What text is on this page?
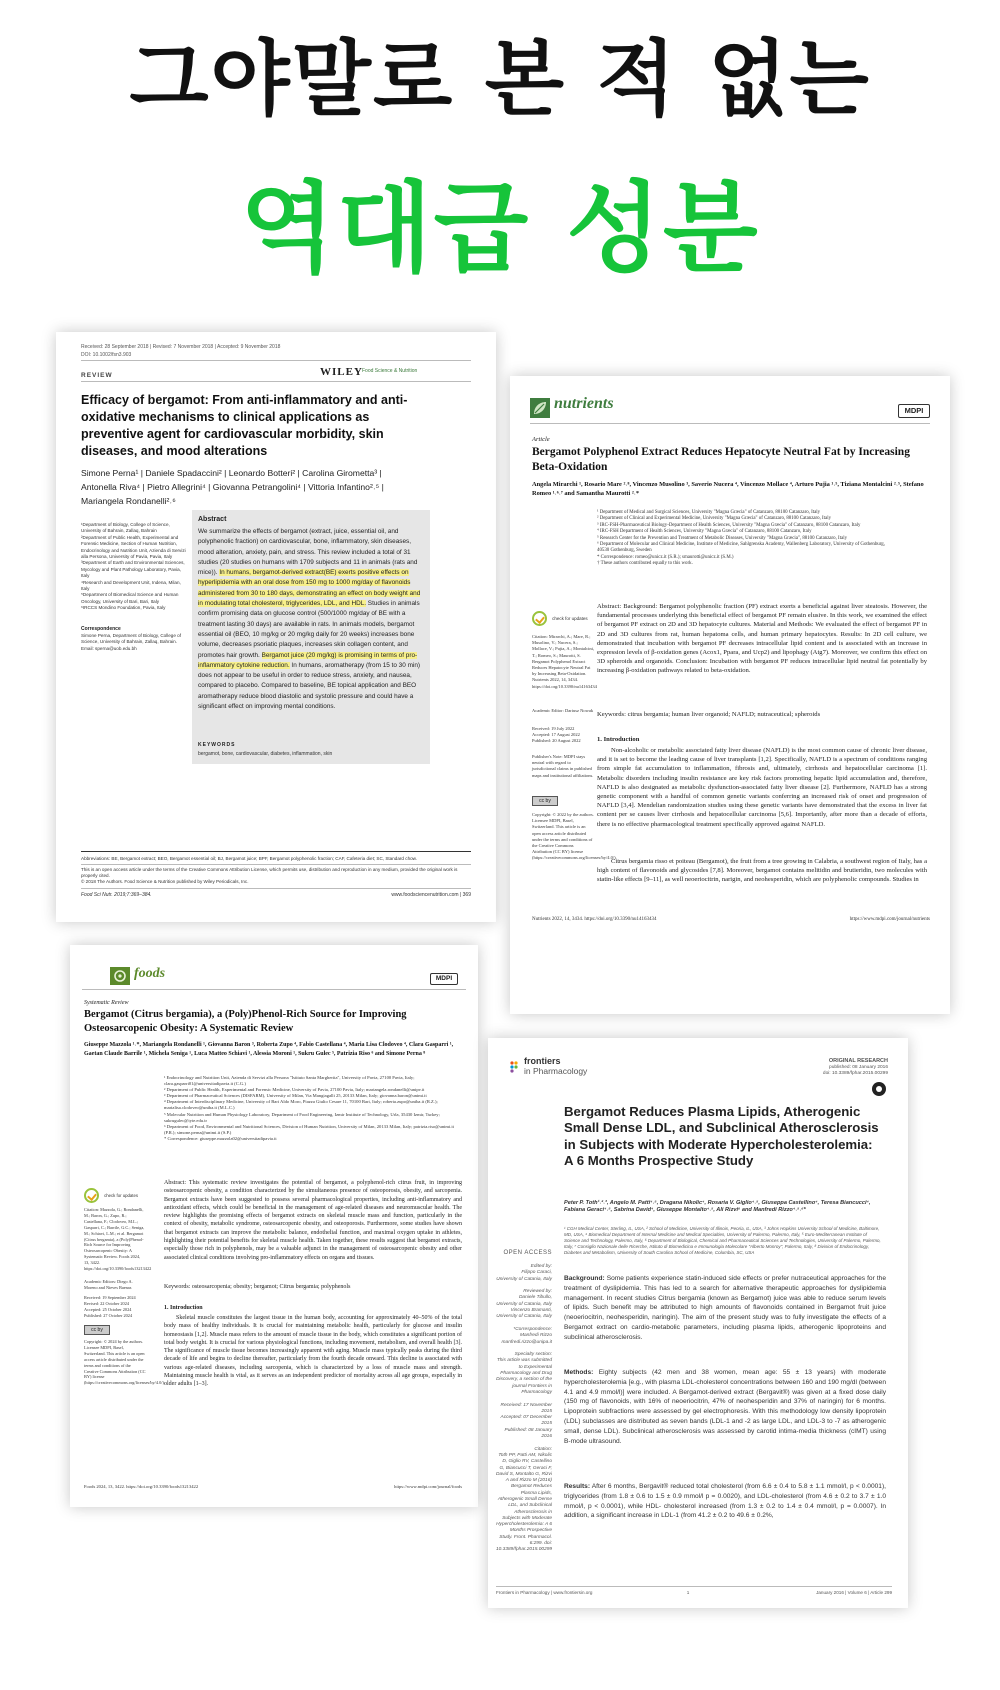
그야말로 본 적 없는
역대급 성분
Received: 28 September 2018 | Revised: 7 November 2018 | Accepted: 9 November 2018
DOI: 10.1002/fsn3.903
REVIEW	WILEY Food Science & Nutrition
Efficacy of bergamot: From anti-inflammatory and anti-oxidative mechanisms to clinical applications as preventive agent for cardiovascular morbidity, skin diseases, and mood alterations
Simone Perna¹ | Daniele Spadaccini² | Leonardo Botteri² | Carolina Girometta³ | Antonella Riva⁴ | Pietro Allegrini⁴ | Giovanna Petrangolini⁴ | Vittoria Infantino²˒⁵ | Mariangela Rondanelli²˒⁶
¹Department of Biology, College of Science, University of Bahrain, Zallaq, Bahrain
²Department of Public Health, Experimental and Forensic Medicine, Section of Human Nutrition, Endocrinology and Nutrition Unit, Azienda di Servizi alla Persona, University of Pavia, Pavia, Italy
³Department of Earth and Environmental Sciences, Mycology and Plant Pathology Laboratory, Pavia, Italy
⁴Research and Development Unit, Indena, Milan, Italy
⁵Department of Biomedical Science and Human Oncology, University of Bari, Bari, Italy
⁶IRCCS Mondino Foundation, Pavia, Italy
Correspondence
Simone Perna, Department of Biology, College of Science, University of Bahrain, Zallaq, Bahrain. Email: sperna@uob.edu.bh
Abstract
We summarize the effects of bergamot (extract, juice, essential oil, and polyphenolic fraction) on cardiovascular, bone, inflammatory, skin diseases, mood alteration, anxiety, pain, and stress. This review included a total of 31 studies (20 studies on humans with 1709 subjects and 11 in animals (rats and mice)). In humans, bergamot-derived extract(BE) exerts positive effects on hyperlipidemia with an oral dose from 150 mg to 1000 mg/day of flavonoids administered from 30 to 180 days, demonstrating an effect on body weight and in modulating total cholesterol, triglycerides, LDL, and HDL. Studies in animals confirm promising data on glucose control (500/1000 mg/day of BE with a treatment lasting 30 days) are available in rats. In animals models, bergamot essential oil (BEO, 10 mg/kg or 20 mg/kg daily for 20 weeks) increases bone volume, decreases psoriatic plaques, increases skin collagen content, and promotes hair growth. Bergamot juice (20 mg/kg) is promising in terms of pro-inflammatory cytokine reduction. In humans, aromatherapy (from 15 to 30 min) does not appear to be useful in order to reduce stress, anxiety, and nausea, compared to placebo. Compared to baseline, BE topical application and BEO aromatherapy reduce blood diastolic and systolic pressure and could have a significant effect on improving mental conditions.
KEYWORDS
bergamot, bone, cardiovascular, diabetes, inflammation, skin
Abbreviations: BE, Bergamot extract; BEO, Bergamot essential oil; BJ, Bergamot juice; BPF, Bergamot polyphenolic fraction; CAF, Cafeteria diet; SC, Standard chow.
This is an open access article under the terms of the Creative Commons Attribution License, which permits use, distribution and reproduction in any medium, provided the original work is properly cited.
© 2018 The Authors. Food Science & Nutrition published by Wiley Periodicals, Inc.
Food Sci Nutr. 2019;7:369–384.	www.foodsciencenutrition.com | 369
nutrients	MDPI
Article
Bergamot Polyphenol Extract Reduces Hepatocyte Neutral Fat by Increasing Beta-Oxidation
Angela Mirarchi ¹, Rosario Mare ²˒⁸, Vincenzo Musolino ³, Saverio Nucera ⁴, Vincenzo Mollace ⁴, Arturo Pujia ¹˒⁵, Tiziana Montalcini ²˒⁵, Stefano Romeo ¹˒⁶˒⁷ and Samantha Maurotti ²˒*
¹ Department of Medical and Surgical Sciences, University "Magna Græcia" of Catanzaro, 88100 Catanzaro, Italy
² Department of Clinical and Experimental Medicine, University "Magna Græcia" of Catanzaro, 88100 Catanzaro, Italy
³ IRC-FSH-Pharmaceutical Biology-Department of Health Sciences, University "Magna Græcia" of Catanzaro, 88100 Catanzaro, Italy
⁴ IRC-FSH Department of Health Sciences, University "Magna Græcia" of Catanzaro, 88100 Catanzaro, Italy
⁵ Research Center for the Prevention and Treatment of Metabolic Diseases, University "Magna Græcia", 88100 Catanzaro, Italy
⁶ Department of Molecular and Clinical Medicine, Institute of Medicine, Sahlgrenska Academy, Wallenberg Laboratory, University of Gothenburg, 40530 Gothenburg, Sweden
* Correspondence: romeo@unicz.it (S.R.); smaurotti@unicz.it (S.M.)
† These authors contributed equally to this work.
check for updates
Citation: Mirarchi, A.; Mare, R.; Musolino, V.; Nucera, S.; Mollace, V.; Pujia, A.; Montalcini, T.; Romeo, S.; Maurotti, S. Bergamot Polyphenol Extract Reduces Hepatocyte Neutral Fat by Increasing Beta-Oxidation. Nutrients 2022, 14, 3434. https://doi.org/10.3390/nu14163434
Academic Editor: Dariusz Nowak
Received: 19 July 2022
Accepted: 17 August 2022
Published: 20 August 2022
Publisher's Note: MDPI stays neutral with regard to jurisdictional claims in published maps and institutional affiliations.
cc by
Copyright: © 2022 by the authors. Licensee MDPI, Basel, Switzerland. This article is an open access article distributed under the terms and conditions of the Creative Commons Attribution (CC BY) license (https://creativecommons.org/licenses/by/4.0/).
Abstract: Background: Bergamot polyphenolic fraction (PF) extract exerts a beneficial against liver steatosis. However, the fundamental processes underlying this beneficial effect of bergamot PF remain elusive. In this work, we examined the effect of bergamot PF extract on 2D and 3D hepatocyte cultures. Material and Methods: We evaluated the effect of bergamot PF in 2D and 3D cultures from rat, human hepatoma cells, and human primary hepatocytes. Results: In 2D cell culture, we demonstrated that incubation with bergamot PF decreases intracellular lipid content and is associated with an increase in expression levels of β-oxidation genes (Acox1, Ppara, and Ucp2) and lipophagy (Atg7). Moreover, we confirm this effect on 3D spheroids and organoids. Conclusion: Incubation with bergamot PF reduces intracellular lipid neutral fat potentially by increasing β-oxidation pathways related to beta-oxidation.
Keywords: citrus bergamia; human liver organoid; NAFLD; nutraceutical; spheroids
1. Introduction
Non-alcoholic or metabolic associated fatty liver disease (NAFLD) is the most common cause of chronic liver disease, and it is set to become the leading cause of liver transplants [1,2]. Specifically, NAFLD is a spectrum of conditions ranging from simple fat accumulation to inflammation, fibrosis and, ultimately, cirrhosis and hepatocellular carcinoma [1]. Metabolic disorders including insulin resistance are key risk factors promoting hepatic lipid accumulation and, therefore, NAFLD is also designated as metabolic dysfunction-associated fatty liver disease [2]. Furthermore, NAFLD has a strong genetic component with a handful of common genetic variants conferring an increased risk of onset and progression of NAFLD [3,4]. Mendelian randomization studies using these genetic variants have demonstrated that the excess in liver fat content per se causes liver cirrhosis and hepatocellular carcinoma [5,6]. Importantly, after more than a decade of efforts, there is no effective pharmacological treatment specifically approved against NAFLD.
Citrus bergamia risso et poiteau (Bergamot), the fruit from a tree growing in Calabria, a southwest region of Italy, has a high content of flavonoids and glycosides [7,8]. Moreover, bergamot contains melitidin and brutieridin, two molecules with statin-like effects [9–11], as well neoeriocitrin, narigin, and neohesperidin, which are polyphenolic compounds. Studies in
Nutrients 2022, 14, 3434. https://doi.org/10.3390/nu14163434	https://www.mdpi.com/journal/nutrients
foods	MDPI
Systematic Review
Bergamot (Citrus bergamia), a (Poly)Phenol-Rich Source for Improving Osteosarcopenic Obesity: A Systematic Review
Giuseppe Mazzola ¹˒*, Mariangela Rondanelli ¹, Giovanna Baron ³, Roberta Zupo ⁴, Fabio Castellana ⁴, Maria Lisa Clodoveo ⁴, Clara Gasparri ¹, Gaetan Claude Barrile ¹, Michela Seniga ¹, Luca Matteo Schiavi ¹, Alessia Moroni ¹, Sukru Gulec ⁵, Patrizia Riso ⁶ and Simone Perna ⁸
¹ Endocrinology and Nutrition Unit, Azienda di Servizi alla Persona "Istituto Santa Margherita", University of Pavia, 27100 Pavia, Italy; clara.gasparri01@universitadipavia.it (C.G.)
² Department of Public Health, Experimental and Forensic Medicine, University of Pavia, 27100 Pavia, Italy; mariangela.rondanelli@unipv.it
³ Department of Pharmaceutical Sciences (DISFARM), University of Milan, Via Mangiagalli 25, 20133 Milan, Italy; giovanna.baron@unimi.it
⁴ Department of Interdisciplinary Medicine, University of Bari Aldo Moro, Piazza Giulio Cesare 11, 70100 Bari, Italy; roberta.zupo@uniba.it (R.Z.); marialisa.clodoveo@uniba.it (M.L.C.)
⁵ Molecular Nutrition and Human Physiology Laboratory, Department of Food Engineering, Izmir Institute of Technology, Urla, 35430 Izmir, Turkey; sukrugulec@iyte.edu.tr
⁶ Department of Food, Environmental and Nutritional Sciences, Division of Human Nutrition, University of Milan, 20133 Milan, Italy; patrizia.riso@unimi.it (P.R.); simone.perna@unimi.it (S.P.)
* Correspondence: giuseppe.mazzola02@universitadipavia.it
check for updates
Citation: Mazzola, G.; Rondanelli, M.; Baron, G.; Zupo, R.; Castellana, F.; Clodoveo, M.L.; Gasparri, C.; Barrile, G.C.; Seniga, M.; Schiavi, L.M.; et al. Bergamot (Citrus bergamia), a (Poly)Phenol-Rich Source for Improving Osteosarcopenic Obesity: A Systematic Review. Foods 2024, 13, 3422. https://doi.org/10.3390/foods13213422
Academic Editors: Diego A. Moreno and Nieves Baenas
Received: 19 September 2024
Revised: 22 October 2024
Accepted: 25 October 2024
Published: 27 October 2024
cc by
Copyright: © 2024 by the authors. Licensee MDPI, Basel, Switzerland. This article is an open access article distributed under the terms and conditions of the Creative Commons Attribution (CC BY) license (https://creativecommons.org/licenses/by/4.0/).
Abstract: This systematic review investigates the potential of bergamot, a polyphenol-rich citrus fruit, in improving osteosarcopenic obesity, a condition characterized by the simultaneous presence of osteoporosis, obesity, and sarcopenia. Bergamot extracts have been suggested to possess several pharmacological properties, including anti-inflammatory and antioxidant effects, which could be beneficial in the management of age-related diseases and neuromuscular health. The review highlights the promising effects of bergamot extracts on skeletal muscle mass and function, particularly in the context of obesity, metabolic syndrome, osteosarcopenic obesity, and osteoporosis. Furthermore, some studies have shown that bergamot extracts can improve the metabolic balance, endothelial function, and maximal oxygen uptake in athletes, highlighting their potential benefits for skeletal muscle health. Taken together, these results suggest that bergamot extracts, especially those rich in polyphenols, may be a valuable adjunct in the management of osteosarcopenic obesity and other associated clinical conditions involving pro-inflammatory effects on organs and tissues.
Keywords: osteosarcopenia; obesity; bergamot; Citrus bergamia; polyphenols
1. Introduction
Skeletal muscle constitutes the largest tissue in the human body, accounting for approximately 40–50% of the total body mass of healthy individuals. It is crucial for maintaining metabolic health, particularly for glucose and insulin homeostasis [1,2]. Muscle mass refers to the amount of muscle tissue in the body, which constitutes a significant portion of total body weight. It is crucial for various physiological functions, including movement, metabolism, and overall health [3]. The significance of muscle tissue becomes increasingly apparent with aging. Muscle mass typically peaks during the third decade of life and begins to decline thereafter, particularly from the fourth decade onward. This decline is associated with various age-related diseases, including sarcopenia, which is characterized by a loss of muscle mass and strength. Maintaining muscle health is vital, as it serves as an independent predictor of mortality across all age groups, especially in older adults [1–3].
Foods 2024, 13, 3422. https://doi.org/10.3390/foods13213422	https://www.mdpi.com/journal/foods
frontiers
in Pharmacology
ORIGINAL RESEARCH
published: 08 January 2016
doi: 10.3389/fphar.2015.00299
Bergamot Reduces Plasma Lipids, Atherogenic Small Dense LDL, and Subclinical Atherosclerosis in Subjects with Moderate Hypercholesterolemia: A 6 Months Prospective Study
Peter P. Toth¹˒²˒³, Angelo M. Patti⁴˒⁵, Dragana Nikolic⁴, Rosaria V. Giglio⁴˒⁵, Giuseppa Castellino⁴, Teresa Biancucci⁴, Fabiana Geraci⁴˒⁵, Sabrina David⁴, Giuseppe Montalto⁴˒⁵, Ali Rizvi⁶ and Manfredi Rizzo⁴˒⁵˒⁶*
¹ CGH Medical Center, Sterling, IL, USA, ² School of Medicine, University of Illinois, Peoria, IL, USA, ³ Johns Hopkins University School of Medicine, Baltimore, MD, USA, ⁴ Biomedical Department of Internal Medicine and Medical Specialties, University of Palermo, Palermo, Italy, ⁵ Euro-Mediterranean Institute of Science and Technology, Palermo, Italy, ⁶ Department of Biological, Chemical and Pharmaceutical Sciences and Technologies, University of Palermo, Palermo, Italy, ⁷ Consiglio Nazionale delle Ricerche, Istituto di Biomedicina e Immunologia Molecolare "Alberto Monroy", Palermo, Italy, ⁸ Division of Endocrinology, Diabetes and Metabolism, University of South Carolina School of Medicine, Columbia, SC, USA
OPEN ACCESS
Edited by:
Filippo Caraci,
University of Catania, Italy

Reviewed by:
Daniele Tibullo,
University of Catania, Italy
Vincenzo Bramanti,
University of Catania, Italy

*Correspondence:
Manfredi Rizzo
manfredi.rizzo@unipa.it

Specialty section:
This article was submitted to Experimental Pharmacology and Drug Discovery, a section of the journal Frontiers in Pharmacology

Received: 17 November 2015
Accepted: 07 December 2015
Published: 08 January 2016

Citation:
Toth PP, Patti AM, Nikolic D, Giglio RV, Castellino G, Biancucci T, Geraci F, David S, Montalto G, Rizvi A and Rizzo M (2016) Bergamot Reduces Plasma Lipids, Atherogenic Small Dense LDL, and Subclinical Atherosclerosis in Subjects with Moderate Hypercholesterolemia: A 6 Months Prospective Study. Front. Pharmacol. 6:299. doi: 10.3389/fphar.2015.00299
Background: Some patients experience statin-induced side effects or prefer nutraceutical approaches for the treatment of dyslipidemia. This has led to a search for alternative therapeutic approaches for dyslipidemia management. In recent studies Citrus bergamia (known as Bergamot) juice was able to reduce serum levels of lipids. Such benefit may be attributed to high amounts of flavonoids contained in Bergamot fruit juice (neoeriocitrin, neohesperidin, naringin). The aim of the present study was to fully investigate the effects of a Bergamot extract on cardio-metabolic parameters, including plasma lipids, atherogenic lipoproteins and subclinical atherosclerosis.
Methods: Eighty subjects (42 men and 38 women, mean age: 55 ± 13 years) with moderate hypercholesterolemia [e.g., with plasma LDL-cholesterol concentrations between 160 and 190 mg/dl (between 4.1 and 4.9 mmol/l)] were included. A Bergamot-derived extract (Bergavit®) was given at a fixed dose daily (150 mg of flavonoids, with 16% of neoeriocitrin, 47% of neohesperidin and 37% of naringin) for 6 months. Lipoprotein subfractions were assessed by gel electrophoresis. With this methodology low density lipoprotein (LDL) subclasses are distributed as seven bands (LDL-1 and -2 as large LDL, and LDL-3 to -7 as atherogenic small, dense LDL). Subclinical atherosclerosis was assessed by carotid intima-media thickness (cIMT) using B-mode ultrasound.
Results: After 6 months, Bergavit® reduced total cholesterol (from 6.6 ± 0.4 to 5.8 ± 1.1 mmol/l, p < 0.0001), triglycerides (from 1.8 ± 0.6 to 1.5 ± 0.9 mmol/l p = 0.0020), and LDL-cholesterol (from 4.6 ± 0.2 to 3.7 ± 1.0 mmol/l, p < 0.0001), while HDL- cholesterol increased (from 1.3 ± 0.2 to 1.4 ± 0.4 mmol/l, p = 0.0007). In addition, a significant increase in LDL-1 (from 41.2 ± 0.2 to 49.6 ± 0.2%,
Frontiers in Pharmacology | www.frontiersin.org	1	January 2016 | Volume 6 | Article 299
